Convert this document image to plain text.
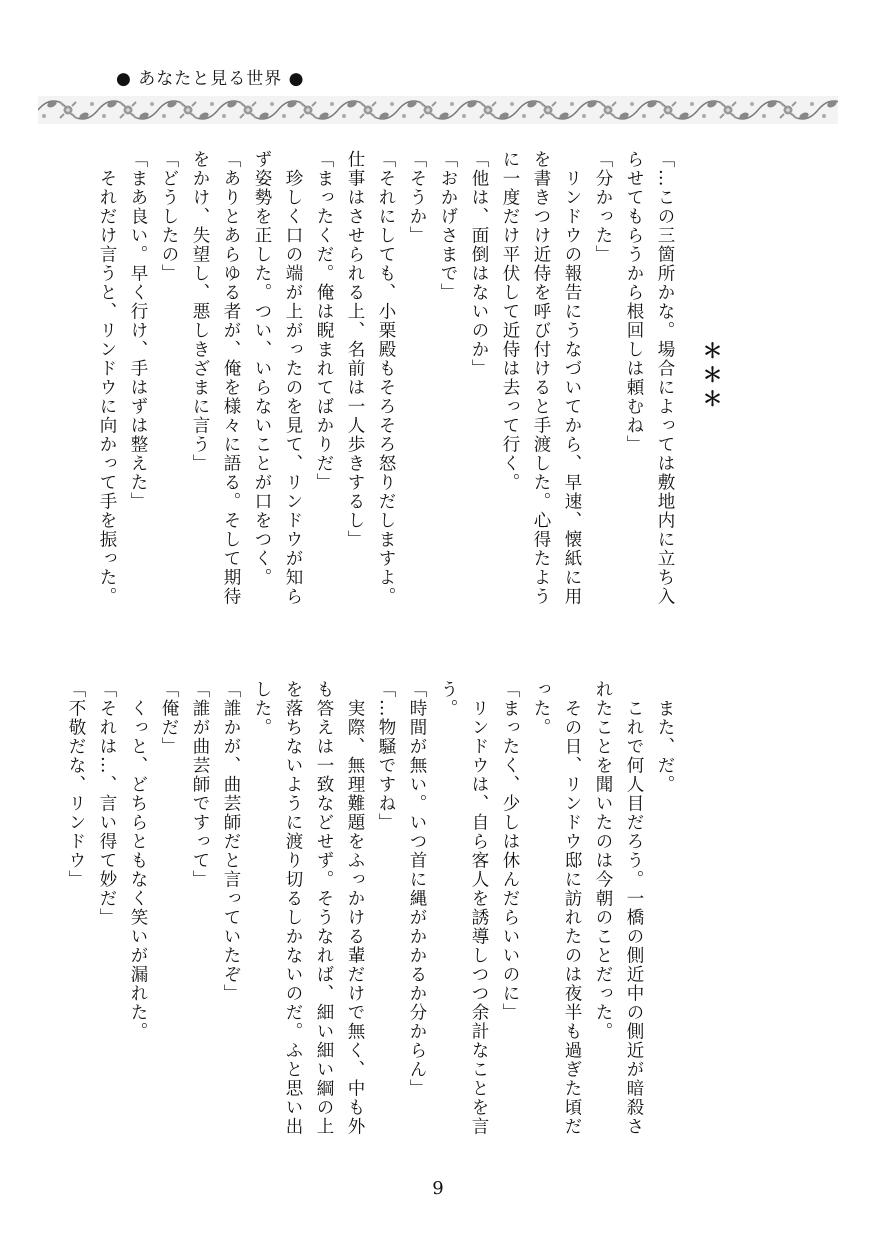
● あなたと見る世界 ●
＊＊＊

「…この三箇所かな。場合によっては敷地内に立ち入らせてもらうから根回しは頼むね」

「分かった」

　リンドウの報告にうなづいてから、早速、懐紙に用を書きつけ近侍を呼び付けると手渡した。心得たように一度だけ平伏して近侍は去って行く。

「他は、面倒はないのか」

「おかげさまで」

「そうか」

「それにしても、小栗殿もそろそろ怒りだしますよ。仕事はさせられる上、名前は一人歩きするし」

「まったくだ。俺は睨まれてばかりだ」

　珍しく口の端が上がったのを見て、リンドウが知らず姿勢を正した。つい、いらないことが口をつく。

「ありとあらゆる者が、俺を様々に語る。そして期待をかけ、失望し、悪しきざまに言う」

「どうしたの」

「まあ良い。早く行け、手はずは整えた」

　それだけ言うと、リンドウに向かって手を振った。

　また、だ。

　これで何人目だろう。一橋の側近中の側近が暗殺されたことを聞いたのは今朝のことだった。

　その日、リンドウ邸に訪れたのは夜半も過ぎた頃だった。

「まったく、少しは休んだらいいのに」

　リンドウは、自ら客人を誘導しつつ余計なことを言う。

「時間が無い。いつ首に縄がかかるか分からん」

「…物騒ですね」

　実際、無理難題をふっかける輩だけで無く、中も外も答えは一致などせず。そうなれば、細い細い綱の上を落ちないように渡り切るしかないのだ。ふと思い出した。

「誰かが、曲芸師だと言っていたぞ」

「誰が曲芸師ですって」

「俺だ」

　くっと、どちらともなく笑いが漏れた。

「それは…、言い得て妙だ」

「不敬だな、リンドウ」

9
